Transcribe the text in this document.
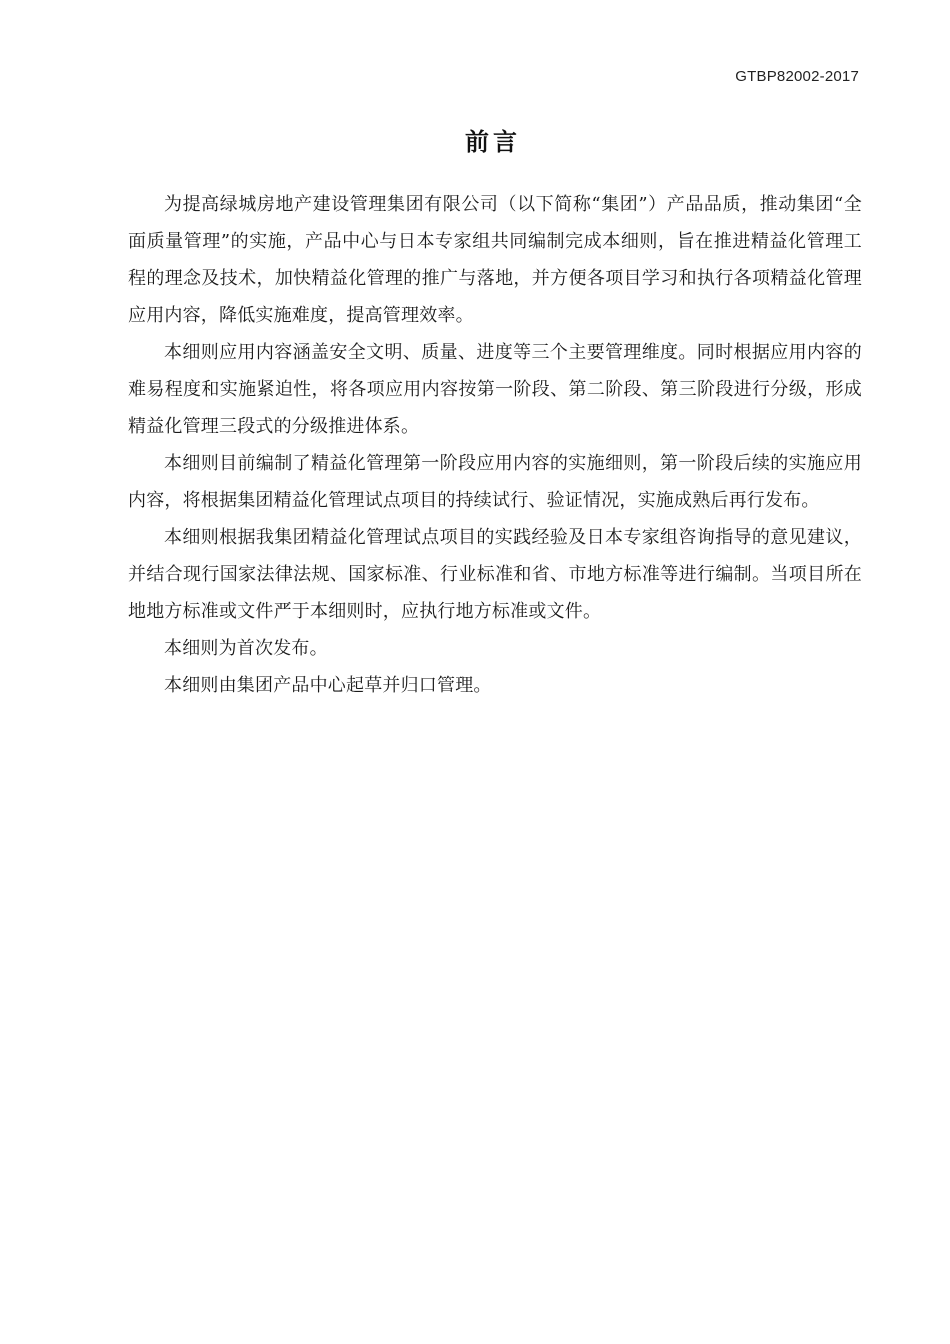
GTBP82002-2017
前言

为提高绿城房地产建设管理集团有限公司（以下简称“集团”）产品品质，推动集团“全面质量管理”的实施，产品中心与日本专家组共同编制完成本细则，旨在推进精益化管理工程的理念及技术，加快精益化管理的推广与落地，并方便各项目学习和执行各项精益化管理应用内容，降低实施难度，提高管理效率。

本细则应用内容涵盖安全文明、质量、进度等三个主要管理维度。同时根据应用内容的难易程度和实施紧迫性，将各项应用内容按第一阶段、第二阶段、第三阶段进行分级，形成精益化管理三段式的分级推进体系。

本细则目前编制了精益化管理第一阶段应用内容的实施细则，第一阶段后续的实施应用内容，将根据集团精益化管理试点项目的持续试行、验证情况，实施成熟后再行发布。

本细则根据我集团精益化管理试点项目的实践经验及日本专家组咨询指导的意见建议，并结合现行国家法律法规、国家标准、行业标准和省、市地方标准等进行编制。当项目所在地地方标准或文件严于本细则时，应执行地方标准或文件。

本细则为首次发布。

本细则由集团产品中心起草并归口管理。
